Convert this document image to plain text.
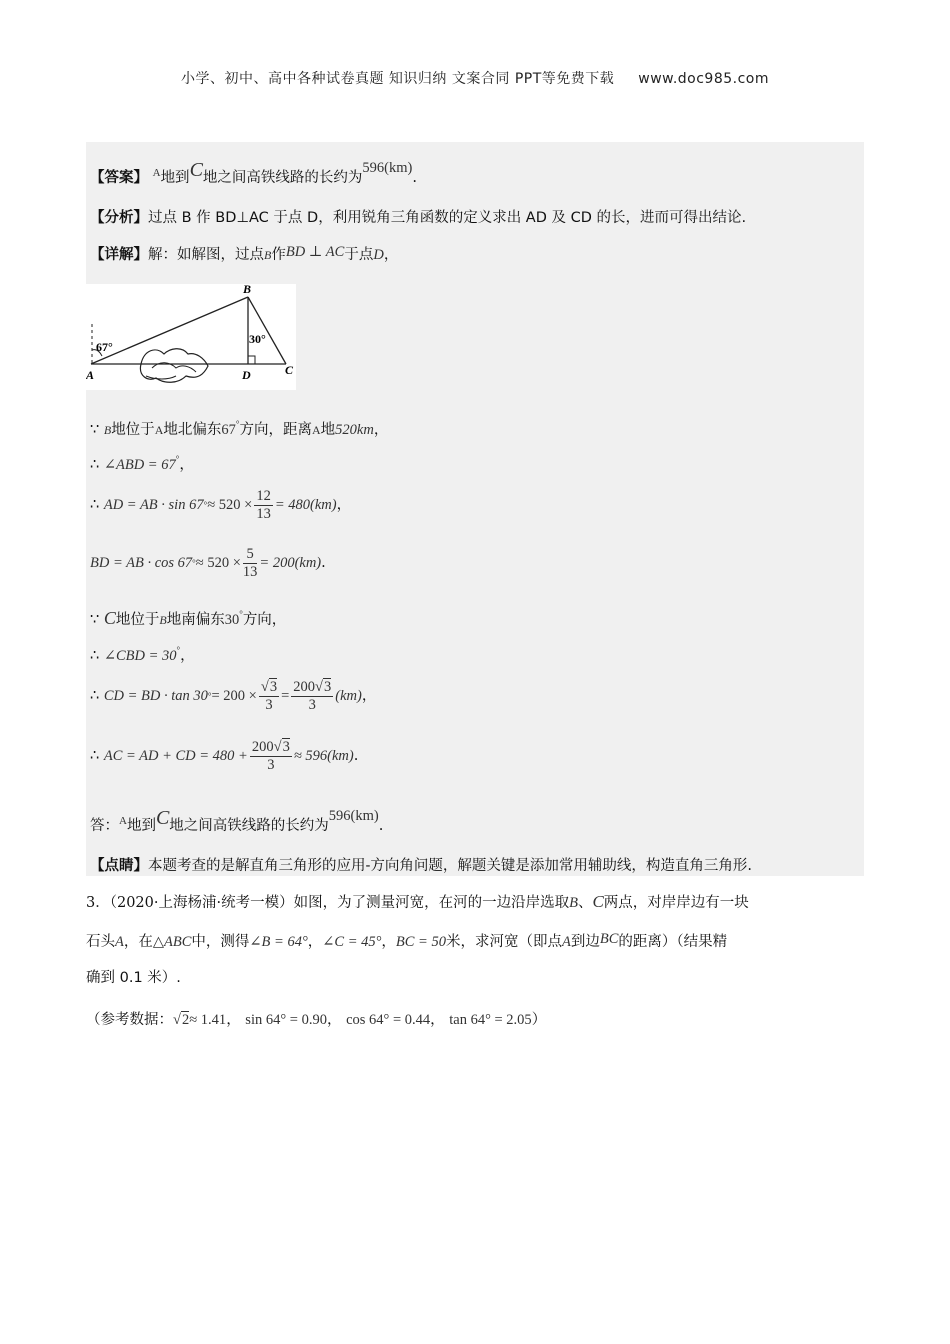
小学、初中、高中各种试卷真题 知识归纳 文案合同 PPT等免费下载 www.doc985.com
【答案】 $^A$地到C地之间高铁线路的长约为596(km).
【分析】过点 B 作 BD⊥AC 于点 D，利用锐角三角函数的定义求出 AD 及 CD 的长，进而可得出结论.
【详解】解：如解图，过点B作BD ⊥ AC于点D，
67°
30°
B
A	D	C
∵ B地位于A地北偏东67°方向，距离A地520km，
∴ ∠ABD = 67°，
∴
AD = AB · sin 67 ° ≈ $520 \times \frac{12}{13} = 480(km)$ ，
BD = AB · cos 67 ° ≈ $520 \times \frac{5}{13} = 200(km)$ .
∵ C地位于B地南偏东30°方向，
∴ ∠CBD = 30°，
∴
CD = BD · tan 30 ° = $200 \times \frac{√3}{3} = \frac{200√3}{3} (km)$ ，
∴
AC = AD + CD = $480 + \frac{200√3}{3} \approx 596(km)$ .
答：$^A$地到C地之间高铁线路的长约为596(km).
【点睛】本题考查的是解直角三角形的应用-方向角问题，解题关键是添加常用辅助线，构造直角三角形.
3．（2020·上海杨浦·统考一模）如图，为了测量河宽，在河的一边沿岸选取B、C两点，对岸岸边有一块
石头A，在△ABC中，测得∠B = 64°，∠C = 45°，BC = 50米，求河宽（即点A到边BC的距离）（结果精
确到 0.1 米）.
（参考数据：√2≈ 1.41， sin 64° = 0.90， cos 64° = 0.44， tan 64° = 2.05）
